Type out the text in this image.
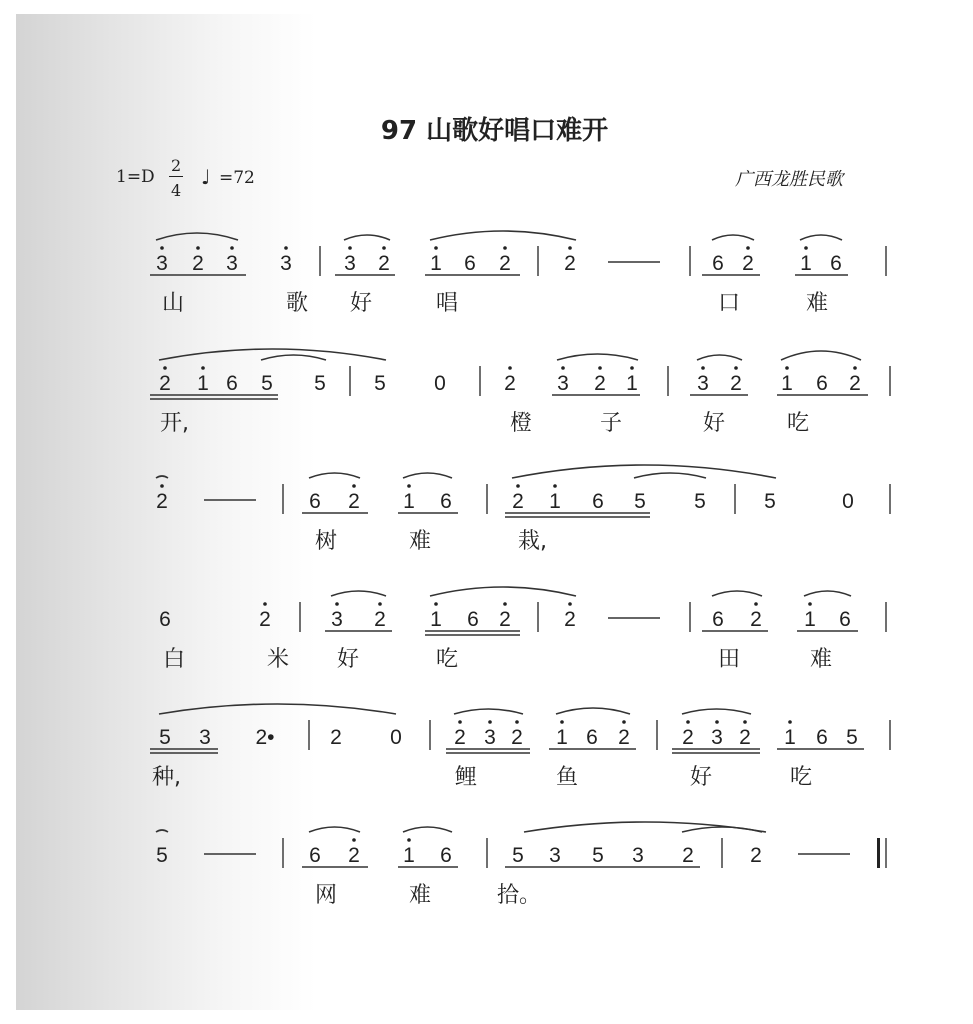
97 山歌好唱口难开
1=D
2
4
♩ =72	广西龙胜民歌
3 2 3 3 3 2 1 6 2	2	6 2 1 6
山	歌 好	唱	口	难
2 1 6 5 5 5 0	2 3 2 1	3 2 1 6 2
开,	橙	子	好	吃
2	6 2 1 6	2 1 6 5 5	5	0
树	难	栽,
6	2	3 2 1 6 2	2	6 2 1 6
白	米 好	吃	田	难
5 3 2•	2 0 2 3 2 1 6 2 2 3 2 1 6 5
种,	鲤	鱼	好	吃
5	6 2 1 6	5 3 5 3 2	2
网	难	拾。
